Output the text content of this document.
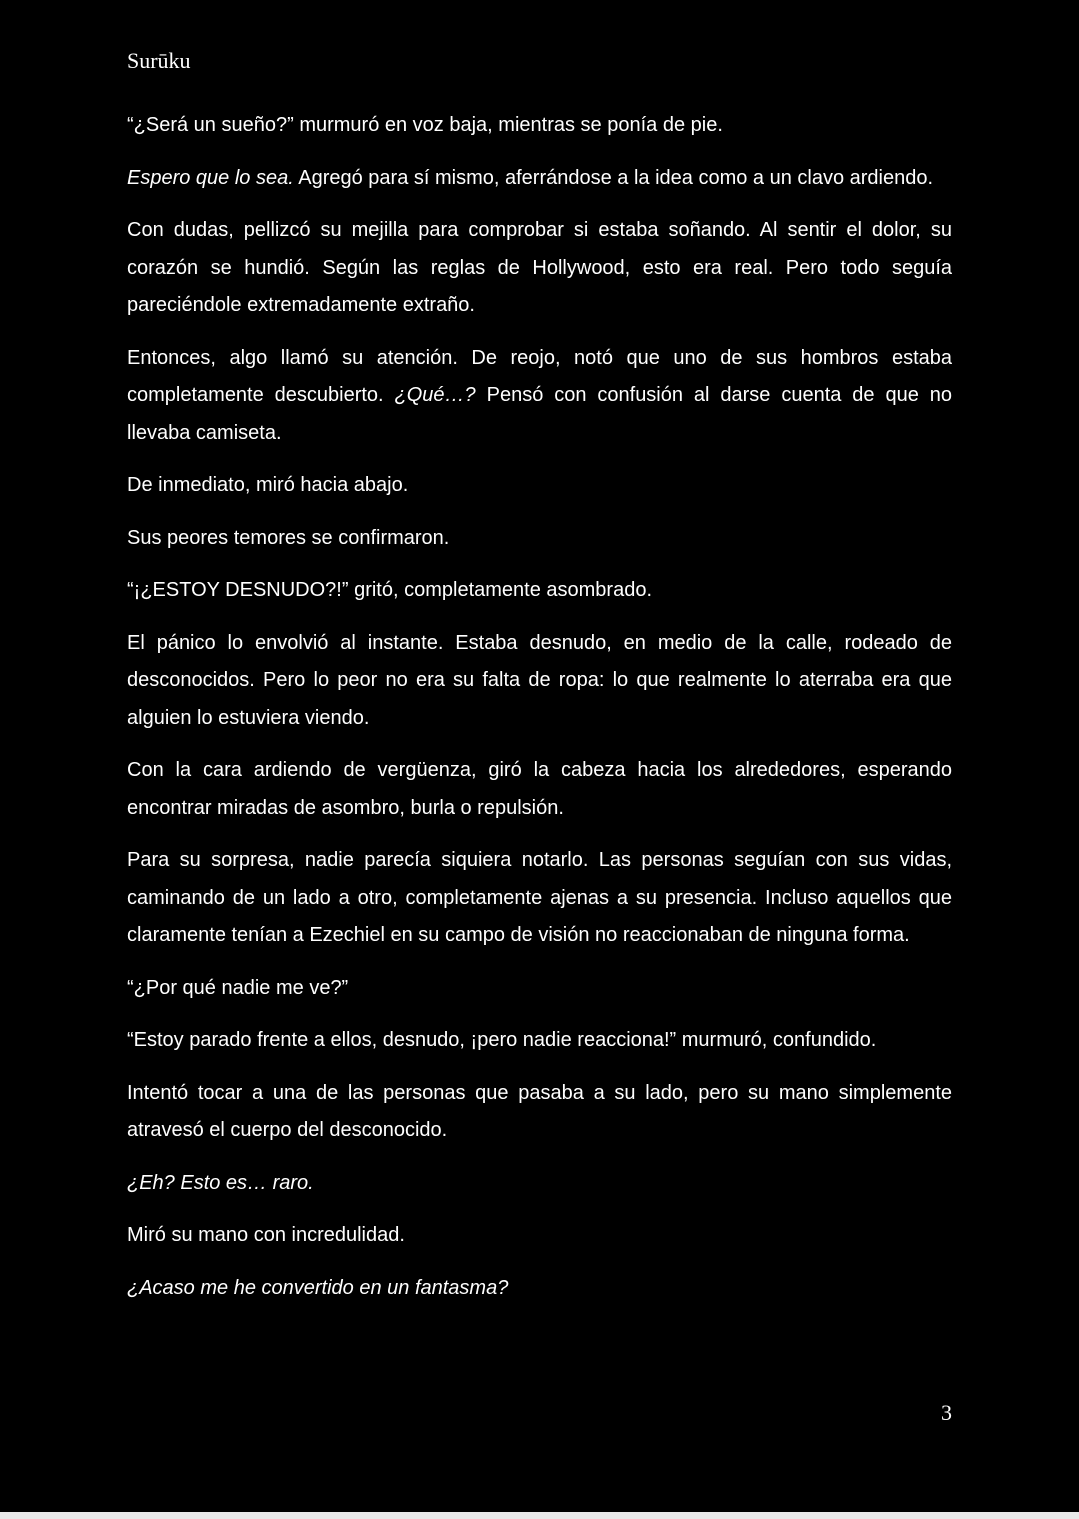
Surūku

“¿Será un sueño?” murmuró en voz baja, mientras se ponía de pie.

Espero que lo sea. Agregó para sí mismo, aferrándose a la idea como a un clavo ardiendo.

Con dudas, pellizcó su mejilla para comprobar si estaba soñando. Al sentir el dolor, su corazón se hundió. Según las reglas de Hollywood, esto era real. Pero todo seguía pareciéndole extremadamente extraño.

Entonces, algo llamó su atención. De reojo, notó que uno de sus hombros estaba completamente descubierto. ¿Qué…? Pensó con confusión al darse cuenta de que no llevaba camiseta.

De inmediato, miró hacia abajo.

Sus peores temores se confirmaron.

“¡¿ESTOY DESNUDO?!” gritó, completamente asombrado.

El pánico lo envolvió al instante. Estaba desnudo, en medio de la calle, rodeado de desconocidos. Pero lo peor no era su falta de ropa: lo que realmente lo aterraba era que alguien lo estuviera viendo.

Con la cara ardiendo de vergüenza, giró la cabeza hacia los alrededores, esperando encontrar miradas de asombro, burla o repulsión.

Para su sorpresa, nadie parecía siquiera notarlo. Las personas seguían con sus vidas, caminando de un lado a otro, completamente ajenas a su presencia. Incluso aquellos que claramente tenían a Ezechiel en su campo de visión no reaccionaban de ninguna forma.

“¿Por qué nadie me ve?”

“Estoy parado frente a ellos, desnudo, ¡pero nadie reacciona!” murmuró, confundido.

Intentó tocar a una de las personas que pasaba a su lado, pero su mano simplemente atravesó el cuerpo del desconocido.

¿Eh? Esto es… raro.

Miró su mano con incredulidad.

¿Acaso me he convertido en un fantasma?

3
